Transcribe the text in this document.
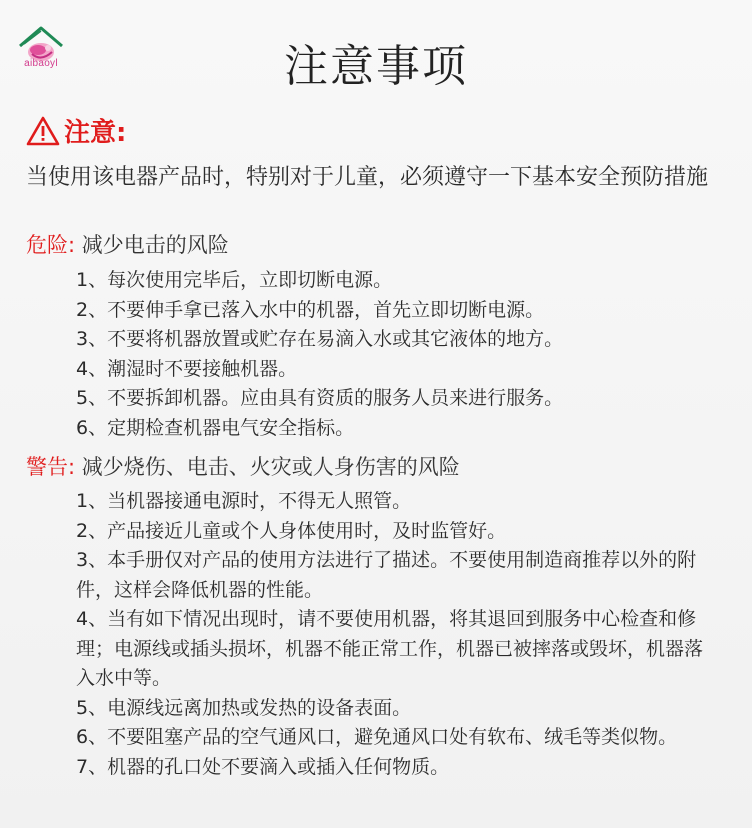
aibaoyl	注意事项
注意:

当使用该电器产品时，特别对于儿童，必须遵守一下基本安全预防措施

危险: 减少电击的风险

1、每次使用完毕后，立即切断电源。
2、不要伸手拿已落入水中的机器，首先立即切断电源。
3、不要将机器放置或贮存在易滴入水或其它液体的地方。
4、潮湿时不要接触机器。
5、不要拆卸机器。应由具有资质的服务人员来进行服务。
6、定期检查机器电气安全指标。

警告: 减少烧伤、电击、火灾或人身伤害的风险

1、当机器接通电源时，不得无人照管。
2、产品接近儿童或个人身体使用时，及时监管好。
3、本手册仅对产品的使用方法进行了描述。不要使用制造商推荐以外的附件，这样会降低机器的性能。
4、当有如下情况出现时，请不要使用机器，将其退回到服务中心检查和修理；电源线或插头损坏，机器不能正常工作，机器已被摔落或毁坏，机器落入水中等。
5、电源线远离加热或发热的设备表面。
6、不要阻塞产品的空气通风口，避免通风口处有软布、绒毛等类似物。
7、机器的孔口处不要滴入或插入任何物质。
